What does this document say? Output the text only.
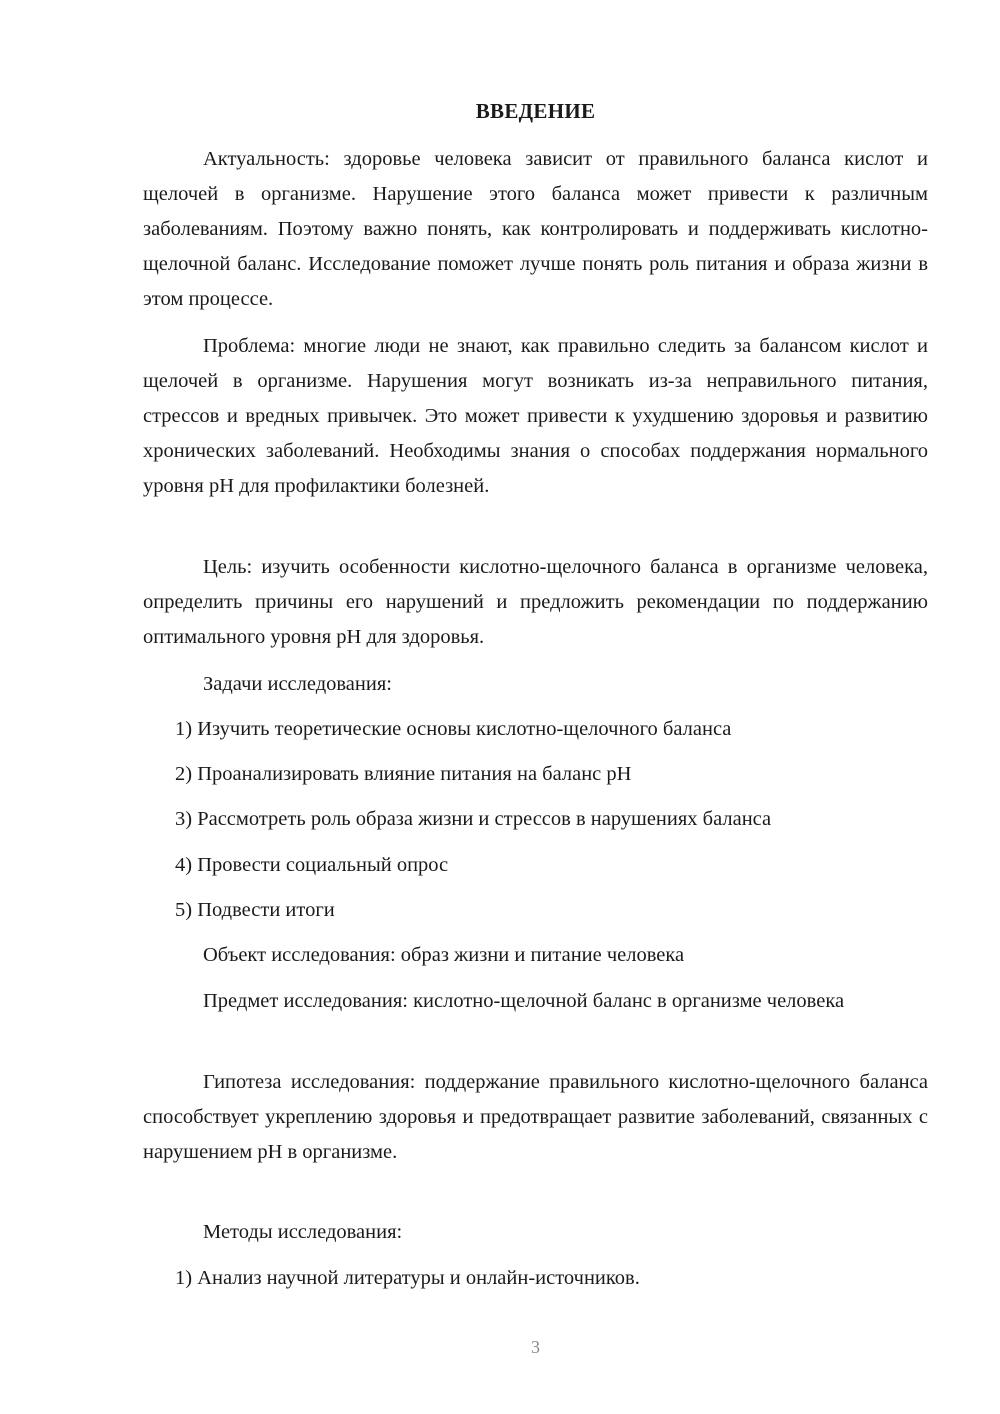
ВВЕДЕНИЕ

Актуальность: здоровье человека зависит от правильного баланса кислот и щелочей в организме. Нарушение этого баланса может привести к различным заболеваниям. Поэтому важно понять, как контролировать и поддерживать кислотно-щелочной баланс. Исследование поможет лучше понять роль питания и образа жизни в этом процессе.

Проблема: многие люди не знают, как правильно следить за балансом кислот и щелочей в организме. Нарушения могут возникать из-за неправильного питания, стрессов и вредных привычек. Это может привести к ухудшению здоровья и развитию хронических заболеваний. Необходимы знания о способах поддержания нормального уровня pH для профилактики болезней.

Цель: изучить особенности кислотно-щелочного баланса в организме человека, определить причины его нарушений и предложить рекомендации по поддержанию оптимального уровня pH для здоровья.

Задачи исследования:
1) Изучить теоретические основы кислотно-щелочного баланса
2) Проанализировать влияние питания на баланс pH
3) Рассмотреть роль образа жизни и стрессов в нарушениях баланса
4) Провести социальный опрос
5) Подвести итоги
Объект исследования: образ жизни и питание человека

Предмет исследования: кислотно-щелочной баланс в организме человека

Гипотеза исследования: поддержание правильного кислотно-щелочного баланса способствует укреплению здоровья и предотвращает развитие заболеваний, связанных с нарушением pH в организме.

Методы исследования:
1) Анализ научной литературы и онлайн-источников.
3
